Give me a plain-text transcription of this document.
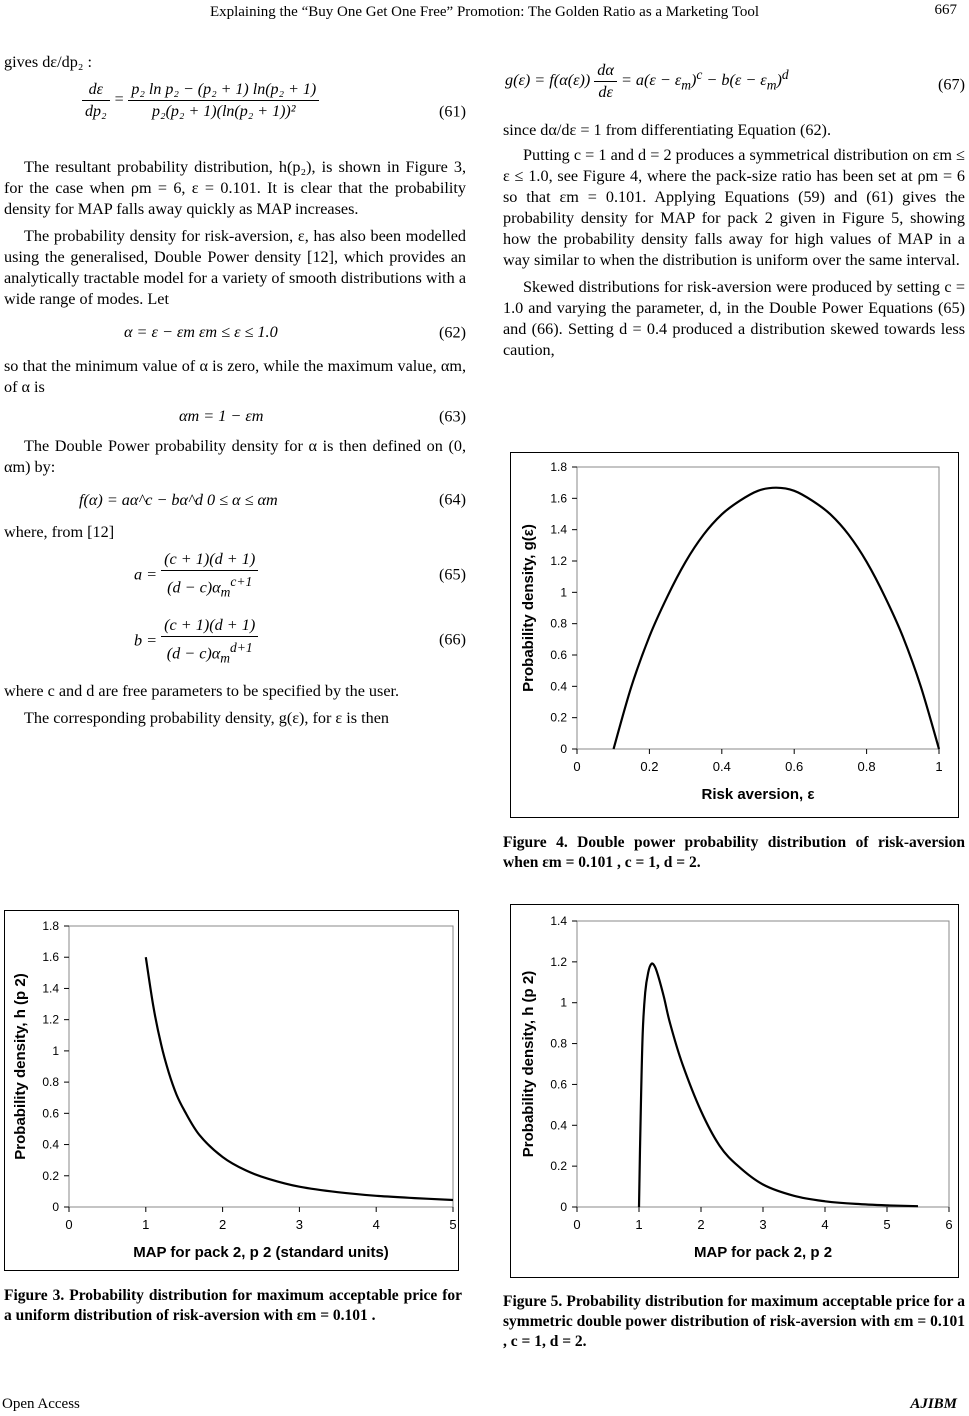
Explaining the “Buy One Get One Free” Promotion: The Golden Ratio as a Marketing Tool	667

gives dε/dp₂ :

$\frac{d\varepsilon}{\text{dp₂}} = \frac{\text{p₂ ln p₂ − (p₂ + 1) ln(p₂ + 1)}}{\text{p₂(p₂ + 1)(ln(p₂ + 1))²}}$	(61)

The resultant probability distribution, h(p₂), is shown in Figure 3, for the case when ρm = 6, ε = 0.101. It is clear that the probability density for MAP falls away quickly as MAP increases.

The probability density for risk-aversion, ε, has also been modelled using the generalised, Double Power density [12], which provides an analytically tractable model for a variety of smooth distributions with a wide range of modes. Let

α = ε − εm εm ≤ ε ≤ 1.0	(62)

so that the minimum value of α is zero, while the maximum value, αm, of α is

αm = 1 − εm	(63)

The Double Power probability density for α is then defined on (0, αm) by:

f(α) = aα^c − bα^d 0 ≤ α ≤ αm	(64)

where, from [12]

$a = \frac{(c + 1)(d + 1)}{(d - c)\alpha_m^{c+1}}$	(65)
$b = \frac{(c + 1)(d + 1)}{(d - c)\alpha_m^{d+1}}$	(66)

where c and d are free parameters to be specified by the user.

The corresponding probability density, g(ε), for ε is then

$g(\varepsilon) = f(\alpha(\varepsilon)) \frac{d\alpha}{d\varepsilon} = a(\varepsilon - \varepsilon_m)^c - b(\varepsilon - \varepsilon_m)^d$
(67)

since dα/dε = 1 from differentiating Equation (62).

Putting c = 1 and d = 2 produces a symmetrical distribution on εm ≤ ε ≤ 1.0, see Figure 4, where the pack-size ratio has been set at ρm = 6 so that εm = 0.101. Applying Equations (59) and (61) gives the probability density for MAP for pack 2 given in Figure 5, showing how the probability density falls away for high values of MAP in a way similar to when the distribution is uniform over the same interval.

Skewed distributions for risk-aversion were produced by setting c = 1.0 and varying the parameter, d, in the Double Power Equations (65) and (66). Setting d = 0.4 produced a distribution skewed towards less caution,

0	1	2	3	4	5
0
0.2
0.4
0.6
0.8
1
1.2
1.4
1.6
1.8
MAP for pack 2, p 2 (standard units)
Probability density, h (p 2)
Figure 3. Probability distribution for maximum acceptable price for a uniform distribution of risk-aversion with εm = 0.101 .
0	0.2	0.4	0.6	0.8	1
0
0.2
0.4
0.6
0.8
1
1.2
1.4
1.6
1.8
Risk aversion, ε
Probability density, g(ε)
Figure 4. Double power probability distribution of risk-aversion when εm = 0.101 , c = 1, d = 2.
0	1	2	3	4	5	6
0
0.2
0.4
0.6
0.8
1
1.2
1.4
MAP for pack 2, p 2
Probability density, h (p 2)
Figure 5. Probability distribution for maximum acceptable price for a symmetric double power distribution of risk-aversion with εm = 0.101 , c = 1, d = 2.
Open Access	AJIBM
